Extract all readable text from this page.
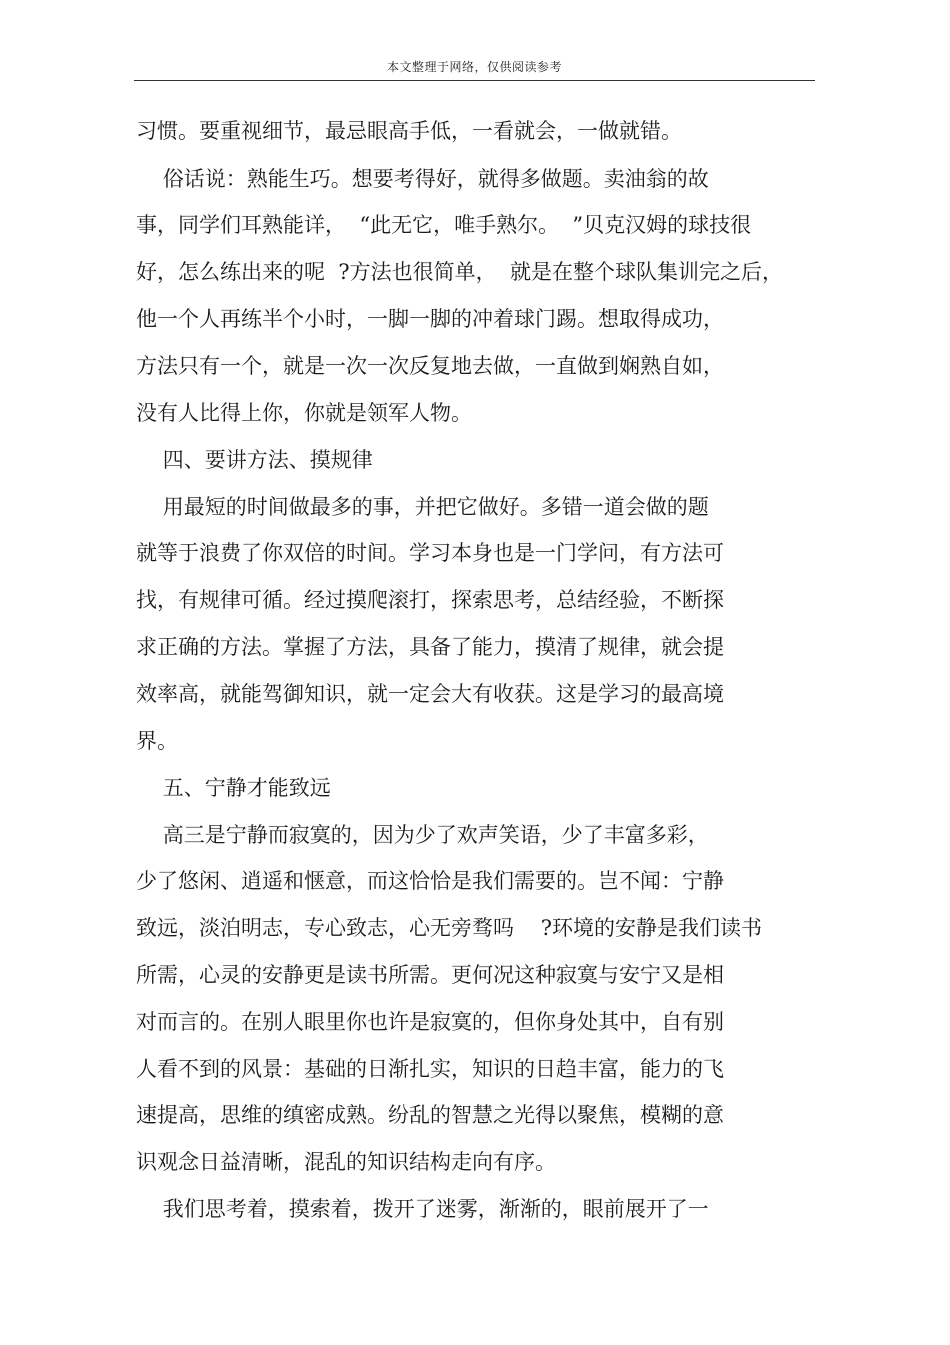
本文整理于网络，仅供阅读参考
习惯。要重视细节，最忌眼高手低，一看就会，一做就错。
俗话说：熟能生巧。想要考得好，就得多做题。卖油翁的故
事，同学们耳熟能详，  “此无它，唯手熟尔。  ”贝克汉姆的球技很
好，怎么练出来的呢  ?方法也很简单，  就是在整个球队集训完之后，
他一个人再练半个小时，一脚一脚的冲着球门踢。想取得成功，
方法只有一个，就是一次一次反复地去做，一直做到娴熟自如，
没有人比得上你，你就是领军人物。
四、要讲方法、摸规律
用最短的时间做最多的事，并把它做好。多错一道会做的题
就等于浪费了你双倍的时间。学习本身也是一门学问，有方法可
找，有规律可循。经过摸爬滚打，探索思考，总结经验，不断探
求正确的方法。掌握了方法，具备了能力，摸清了规律，就会提
效率高，就能驾御知识，就一定会大有收获。这是学习的最高境
界。
五、宁静才能致远
高三是宁静而寂寞的，因为少了欢声笑语，少了丰富多彩，
少了悠闲、逍遥和惬意，而这恰恰是我们需要的。岂不闻：宁静
致远，淡泊明志，专心致志，心无旁骛吗    ?环境的安静是我们读书
所需，心灵的安静更是读书所需。更何况这种寂寞与安宁又是相
对而言的。在别人眼里你也许是寂寞的，但你身处其中，自有别
人看不到的风景：基础的日渐扎实，知识的日趋丰富，能力的飞
速提高，思维的缜密成熟。纷乱的智慧之光得以聚焦，模糊的意
识观念日益清晰，混乱的知识结构走向有序。
我们思考着，摸索着，拨开了迷雾，渐渐的，眼前展开了一
